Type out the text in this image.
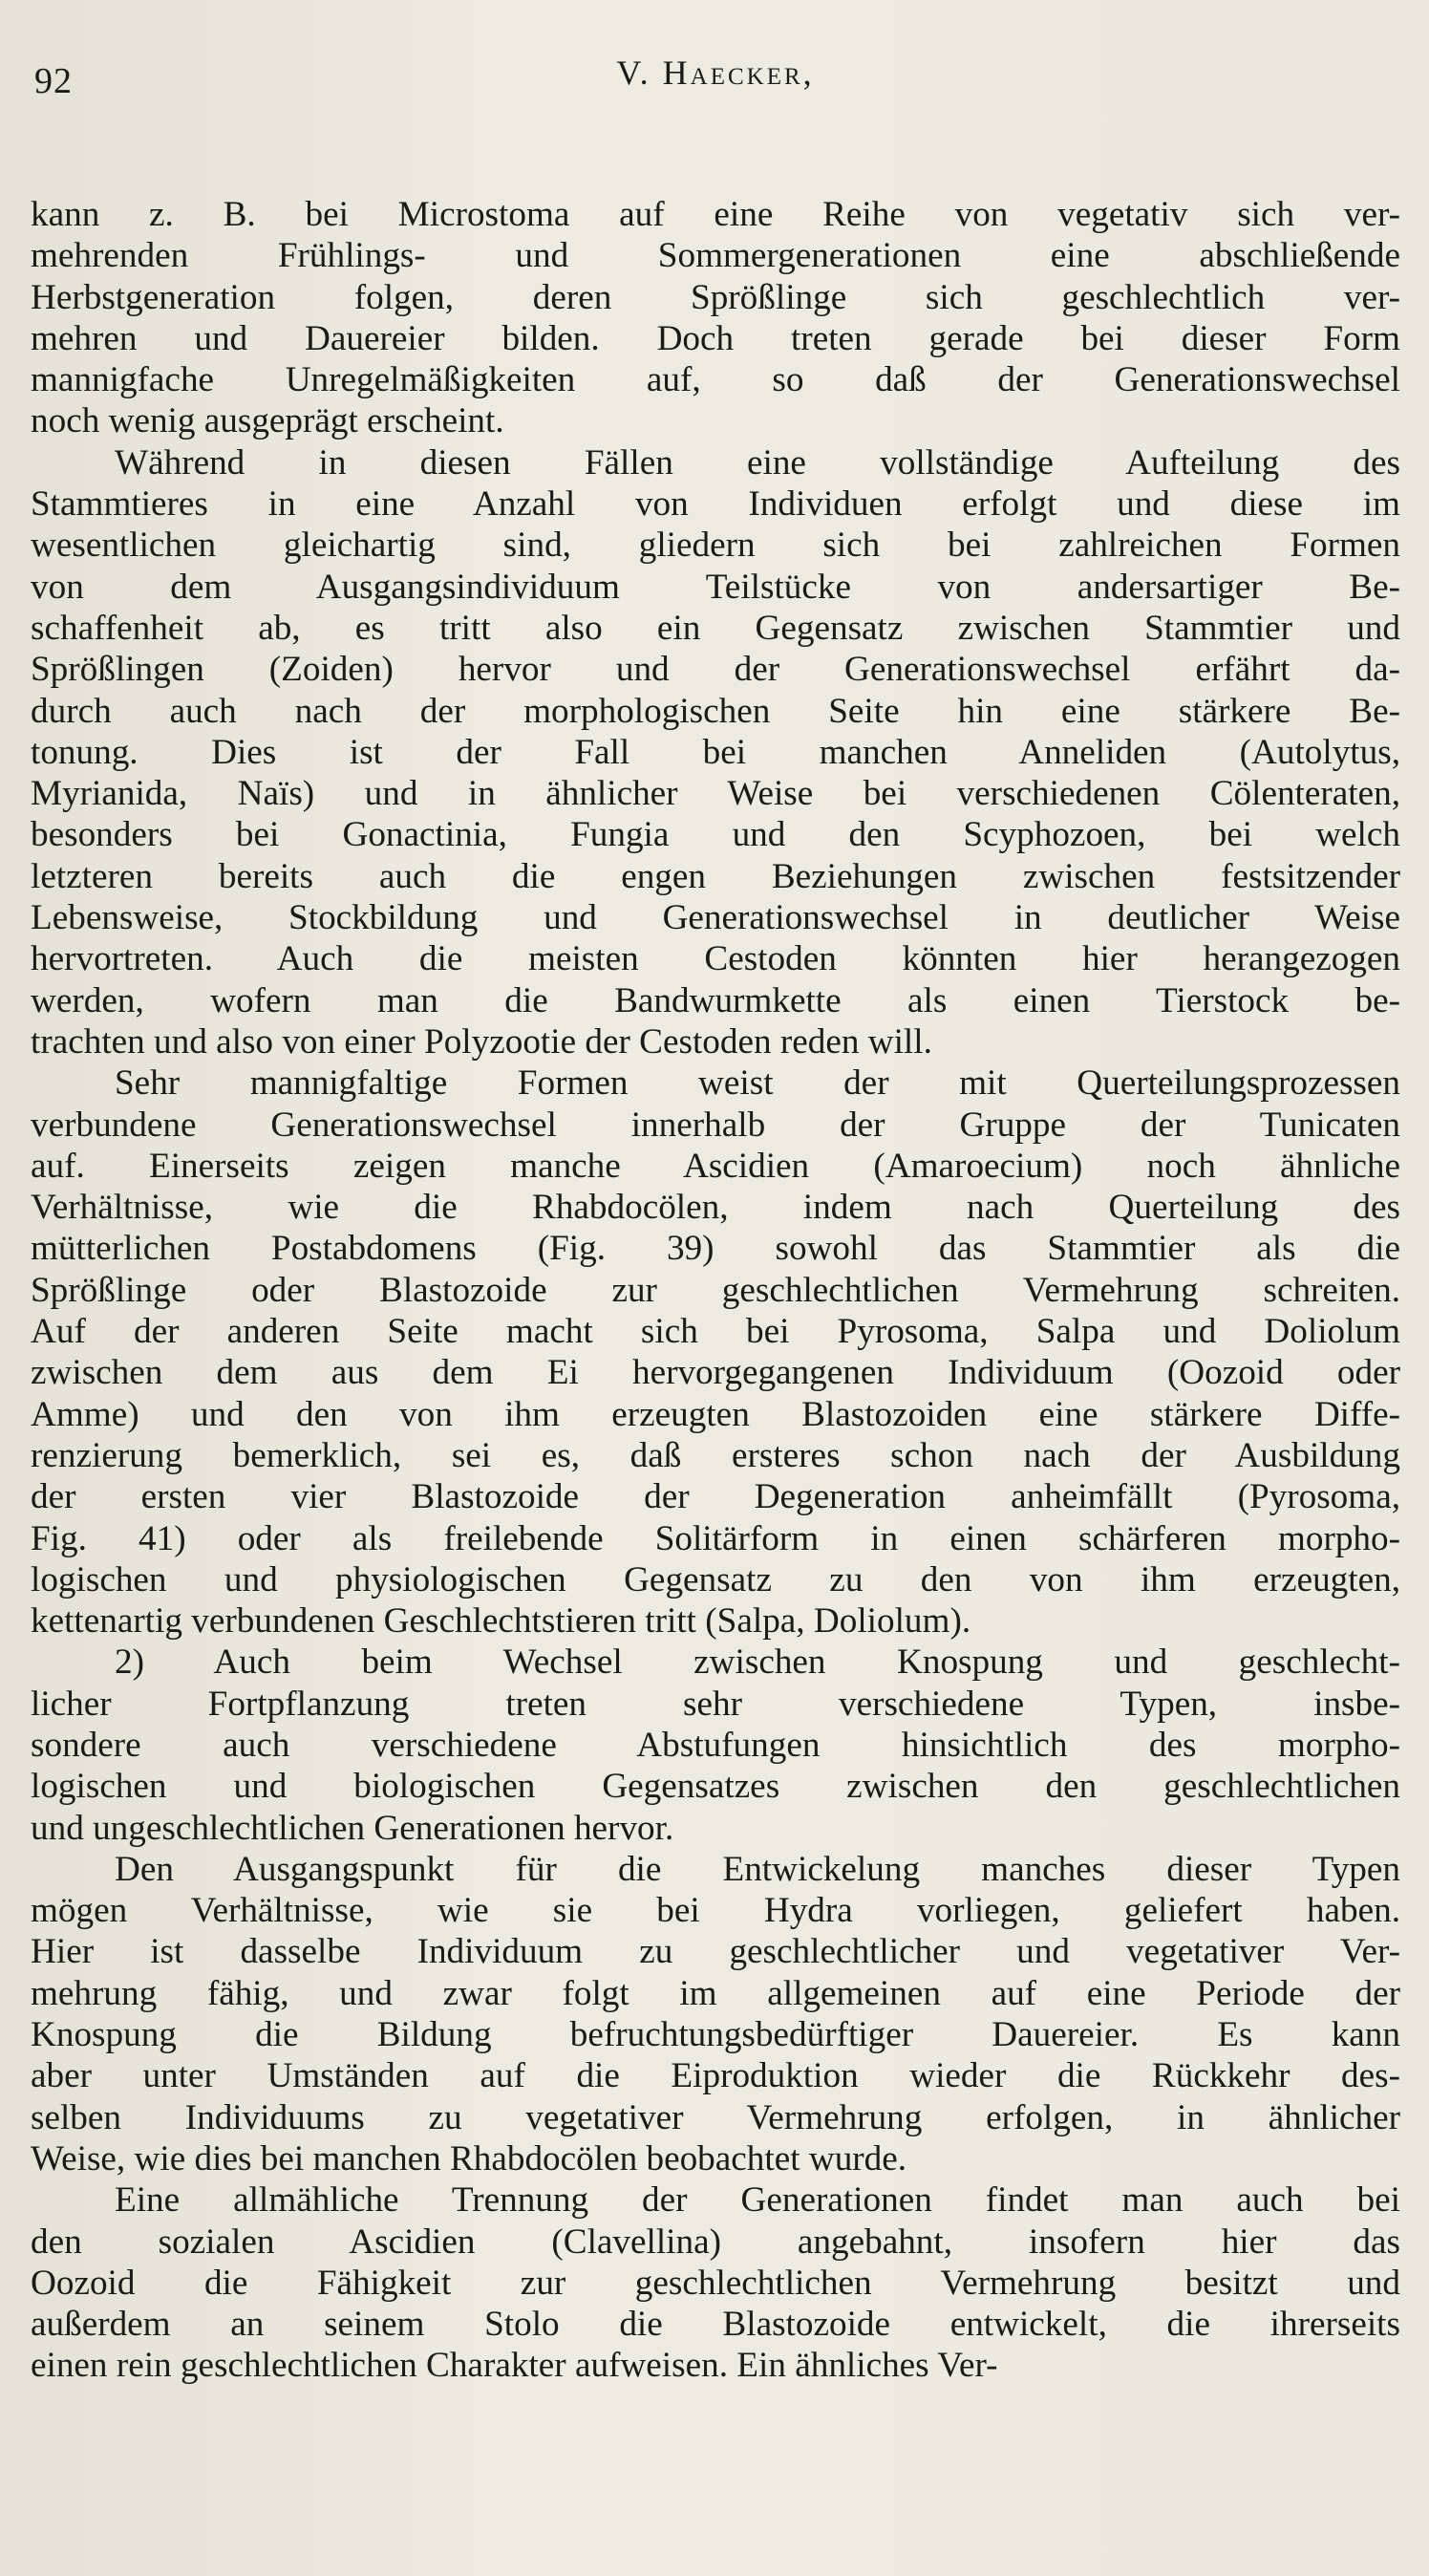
92	V. Haecker,
kann z. B. bei Microstoma auf eine Reihe von vegetativ sich ver-
mehrenden Frühlings- und Sommergenerationen eine abschließende
Herbstgeneration folgen, deren Sprößlinge sich geschlechtlich ver-
mehren und Dauereier bilden. Doch treten gerade bei dieser Form
mannigfache Unregelmäßigkeiten auf, so daß der Generationswechsel
noch wenig ausgeprägt erscheint.
Während in diesen Fällen eine vollständige Aufteilung des
Stammtieres in eine Anzahl von Individuen erfolgt und diese im
wesentlichen gleichartig sind, gliedern sich bei zahlreichen Formen
von dem Ausgangsindividuum Teilstücke von andersartiger Be-
schaffenheit ab, es tritt also ein Gegensatz zwischen Stammtier und
Sprößlingen (Zoiden) hervor und der Generationswechsel erfährt da-
durch auch nach der morphologischen Seite hin eine stärkere Be-
tonung. Dies ist der Fall bei manchen Anneliden (Autolytus,
Myrianida, Naïs) und in ähnlicher Weise bei verschiedenen Cölenteraten,
besonders bei Gonactinia, Fungia und den Scyphozoen, bei welch
letzteren bereits auch die engen Beziehungen zwischen festsitzender
Lebensweise, Stockbildung und Generationswechsel in deutlicher Weise
hervortreten. Auch die meisten Cestoden könnten hier herangezogen
werden, wofern man die Bandwurmkette als einen Tierstock be-
trachten und also von einer Polyzootie der Cestoden reden will.
Sehr mannigfaltige Formen weist der mit Querteilungsprozessen
verbundene Generationswechsel innerhalb der Gruppe der Tunicaten
auf. Einerseits zeigen manche Ascidien (Amaroecium) noch ähnliche
Verhältnisse, wie die Rhabdocölen, indem nach Querteilung des
mütterlichen Postabdomens (Fig. 39) sowohl das Stammtier als die
Sprößlinge oder Blastozoide zur geschlechtlichen Vermehrung schreiten.
Auf der anderen Seite macht sich bei Pyrosoma, Salpa und Doliolum
zwischen dem aus dem Ei hervorgegangenen Individuum (Oozoid oder
Amme) und den von ihm erzeugten Blastozoiden eine stärkere Diffe-
renzierung bemerklich, sei es, daß ersteres schon nach der Ausbildung
der ersten vier Blastozoide der Degeneration anheimfällt (Pyrosoma,
Fig. 41) oder als freilebende Solitärform in einen schärferen morpho-
logischen und physiologischen Gegensatz zu den von ihm erzeugten,
kettenartig verbundenen Geschlechtstieren tritt (Salpa, Doliolum).
2) Auch beim Wechsel zwischen Knospung und geschlecht-
licher Fortpflanzung treten sehr verschiedene Typen, insbe-
sondere auch verschiedene Abstufungen hinsichtlich des morpho-
logischen und biologischen Gegensatzes zwischen den geschlechtlichen
und ungeschlechtlichen Generationen hervor.
Den Ausgangspunkt für die Entwickelung manches dieser Typen
mögen Verhältnisse, wie sie bei Hydra vorliegen, geliefert haben.
Hier ist dasselbe Individuum zu geschlechtlicher und vegetativer Ver-
mehrung fähig, und zwar folgt im allgemeinen auf eine Periode der
Knospung die Bildung befruchtungsbedürftiger Dauereier. Es kann
aber unter Umständen auf die Eiproduktion wieder die Rückkehr des-
selben Individuums zu vegetativer Vermehrung erfolgen, in ähnlicher
Weise, wie dies bei manchen Rhabdocölen beobachtet wurde.
Eine allmähliche Trennung der Generationen findet man auch bei
den sozialen Ascidien (Clavellina) angebahnt, insofern hier das
Oozoid die Fähigkeit zur geschlechtlichen Vermehrung besitzt und
außerdem an seinem Stolo die Blastozoide entwickelt, die ihrerseits
einen rein geschlechtlichen Charakter aufweisen. Ein ähnliches Ver-
